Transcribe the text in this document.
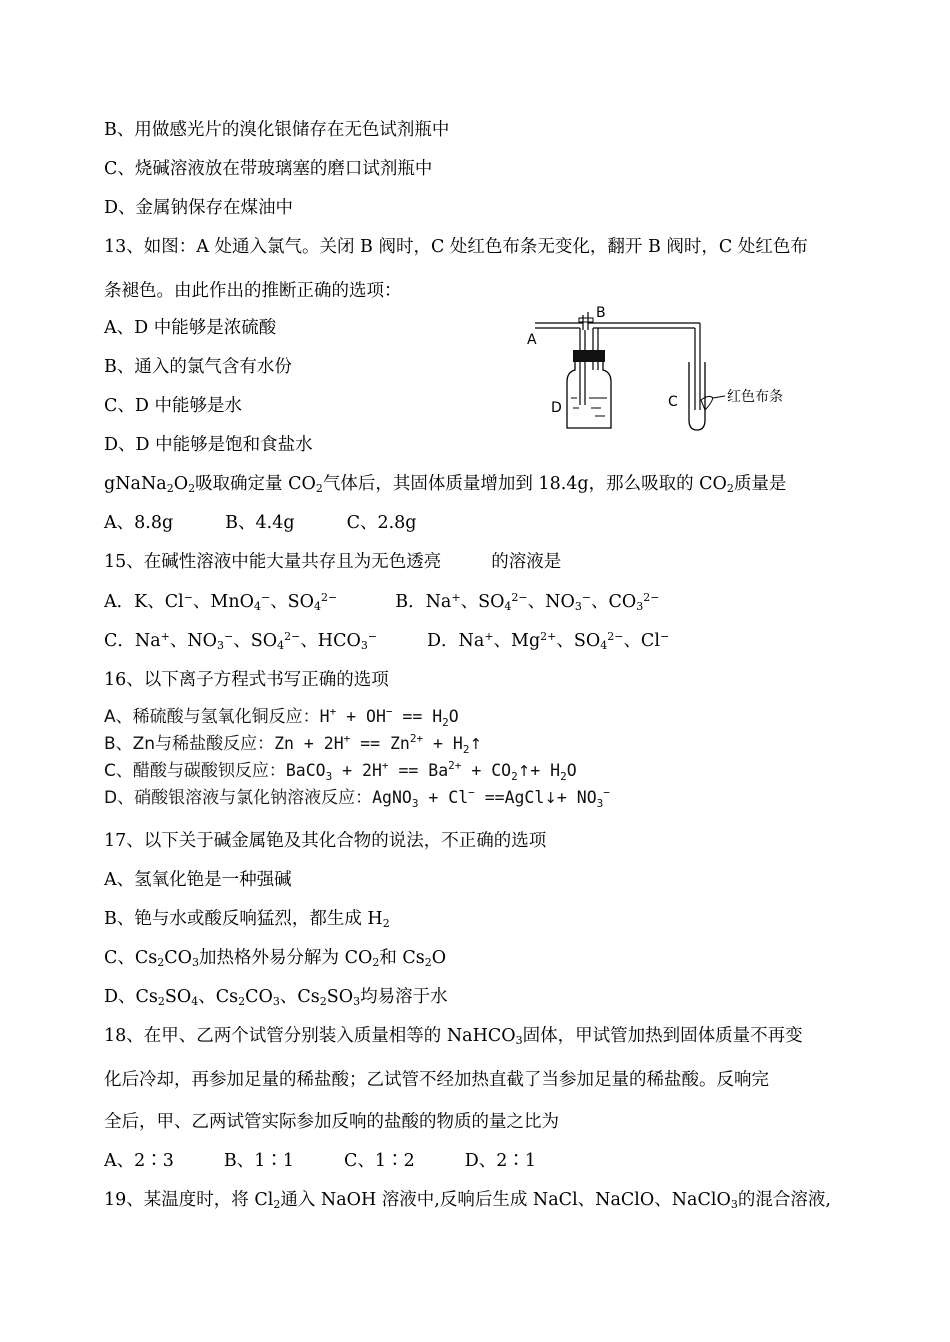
B、用做感光片的溴化银储存在无色试剂瓶中
C、烧碱溶液放在带玻璃塞的磨口试剂瓶中
D、金属钠保存在煤油中
13、如图：A 处通入氯气。关闭 B 阀时，C 处红色布条无变化，翻开 B 阀时，C 处红色布
条褪色。由此作出的推断正确的选项：
A、D 中能够是浓硫酸
B、通入的氯气含有水份
C、D 中能够是水
D、D 中能够是饱和食盐水
A
B
D	C	红色布条
$gNaNa_2O_2$吸取确定量 $CO_2$气体后，其固体质量增加到 18.4g，那么吸取的 $CO_2$质量是
A、8.8g	B、4.4g	C、2.8g
15、在碱性溶液中能大量共存且为无色透亮	的溶液是
A．K、Cl−、MnO$_4$−、$SO_4^{2-}$	B．Na+、$SO_4^{2-}$、$NO_3^-$、$CO_3^{2-}$
C．Na+、$NO_3^-$、$SO_4^{2-}$、$HCO_3^-$	D．Na+、$Mg^{2+}$、$SO_4^{2-}$、Cl−
16、以下离子方程式书写正确的选项
A、稀硫酸与氢氧化铜反应：$H^+ + OH^- == H_2O$
B、Zn与稀盐酸反应：$Zn + 2H^+ == Zn^{2+}$ + $H_2↑$
C、醋酸与碳酸钡反应：BaCO$_3$ + $2H^+ == Ba^{2+}$ + $CO_2↑+ H_2O$
D、硝酸银溶液与氯化钠溶液反应：AgNO$_3$ + Cl− ==AgCl↓+ $NO_3^-$
17、以下关于碱金属铯及其化合物的说法，不正确的选项
A、氢氧化铯是一种强碱
B、铯与水或酸反响猛烈，都生成 $H_2$
C、$Cs_2CO_3$加热格外易分解为 $CO_2$和 $Cs_2O$
D、$Cs_2SO_4$、$Cs_2CO_3$、$Cs_2SO_3$均易溶于水
18、在甲、乙两个试管分别装入质量相等的 NaHCO$_3$固体，甲试管加热到固体质量不再变
化后冷却，再参加足量的稀盐酸；乙试管不经加热直截了当参加足量的稀盐酸。反响完
全后，甲、乙两试管实际参加反响的盐酸的物质的量之比为
A、2∶3	B、1∶1	C、1∶2	D、2∶1
19、某温度时，将 $Cl_2$通入 NaOH 溶液中,反响后生成 NaCl、NaClO、NaClO$_3$的混合溶液,
